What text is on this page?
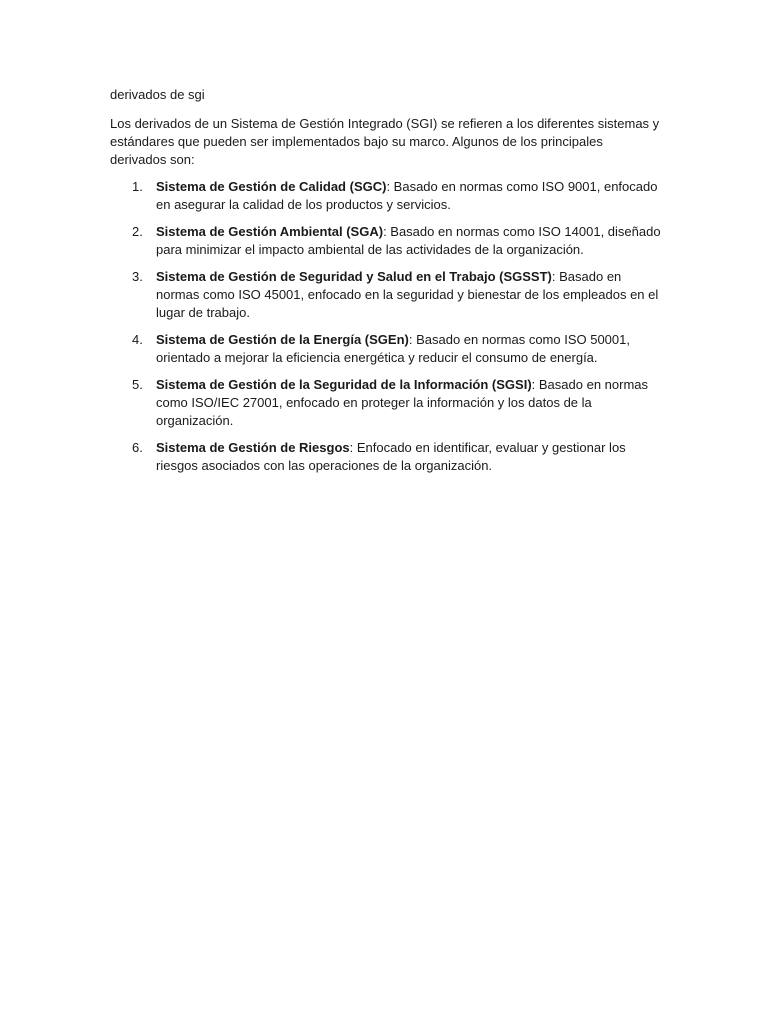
derivados de sgi

Los derivados de un Sistema de Gestión Integrado (SGI) se refieren a los diferentes sistemas y estándares que pueden ser implementados bajo su marco. Algunos de los principales derivados son:

1. Sistema de Gestión de Calidad (SGC): Basado en normas como ISO 9001, enfocado en asegurar la calidad de los productos y servicios.
2. Sistema de Gestión Ambiental (SGA): Basado en normas como ISO 14001, diseñado para minimizar el impacto ambiental de las actividades de la organización.
3. Sistema de Gestión de Seguridad y Salud en el Trabajo (SGSST): Basado en normas como ISO 45001, enfocado en la seguridad y bienestar de los empleados en el lugar de trabajo.
4. Sistema de Gestión de la Energía (SGEn): Basado en normas como ISO 50001, orientado a mejorar la eficiencia energética y reducir el consumo de energía.
5. Sistema de Gestión de la Seguridad de la Información (SGSI): Basado en normas como ISO/IEC 27001, enfocado en proteger la información y los datos de la organización.
6. Sistema de Gestión de Riesgos: Enfocado en identificar, evaluar y gestionar los riesgos asociados con las operaciones de la organización.
